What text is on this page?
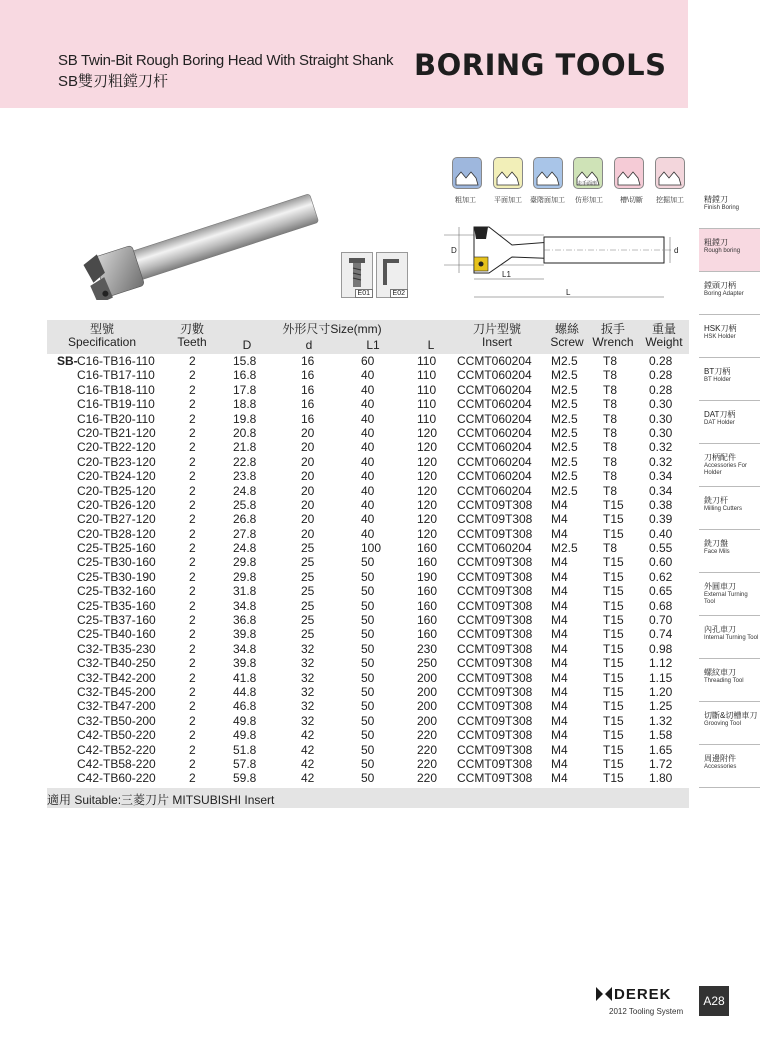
SB Twin-Bit Rough Boring Head With Straight Shank
SB雙刃粗鏜刀杆	BORING TOOLS
粗加工	平面加工 臺階面加工
走手面形
仿形加工 槽\切斷 挖掘加工
E01	E02
D	d
L1
L
精鏜刀
Finish Boring
粗鏜刀
Rough boring
鏜頭刀柄
Boring Adapter
HSK刀柄
HSK Holder
BT刀柄
BT Holder
DAT刀柄
DAT Holder
刀柄配件
Accessories For Holder
銑刀杆
Milling Cutters
銑刀盤
Face Mils
外圓車刀
External Turning Tool
內孔車刀
Internal Turning Tool
螺紋車刀
Threading Tool
切斷&切槽車刀
Grooving Tool
周邊附件
Accessories
型號
Specification
刃數
Teeth
外形尺寸Size(mm)
D	d	L1	L
刀片型號
Insert
螺絲
Screw
扳手
Wrench
重量
Weight
SB- C16-TB16-110	2	15.8	16	60	110 CCMT060204 M2.5 T8	0.28
C16-TB17-110	2	16.8	16	40	110 CCMT060204 M2.5 T8	0.28
C16-TB18-110	2	17.8	16	40	110 CCMT060204 M2.5 T8	0.28
C16-TB19-110	2	18.8	16	40	110 CCMT060204 M2.5 T8	0.30
C16-TB20-110	2	19.8	16	40	110 CCMT060204 M2.5 T8	0.30
C20-TB21-120	2	20.8	20	40	120 CCMT060204 M2.5 T8	0.30
C20-TB22-120	2	21.8	20	40	120 CCMT060204 M2.5 T8	0.32
C20-TB23-120	2	22.8	20	40	120 CCMT060204 M2.5 T8	0.32
C20-TB24-120	2	23.8	20	40	120 CCMT060204 M2.5 T8	0.34
C20-TB25-120	2	24.8	20	40	120 CCMT060204 M2.5 T8	0.34
C20-TB26-120	2	25.8	20	40	120 CCMT09T308 M4	T15 0.38
C20-TB27-120	2	26.8	20	40	120 CCMT09T308 M4	T15 0.39
C20-TB28-120	2	27.8	20	40	120 CCMT09T308 M4	T15 0.40
C25-TB25-160	2	24.8	25	100	160 CCMT060204 M2.5 T8	0.55
C25-TB30-160	2	29.8	25	50	160 CCMT09T308 M4	T15 0.60
C25-TB30-190	2	29.8	25	50	190 CCMT09T308 M4	T15 0.62
C25-TB32-160	2	31.8	25	50	160 CCMT09T308 M4	T15 0.65
C25-TB35-160	2	34.8	25	50	160 CCMT09T308 M4	T15 0.68
C25-TB37-160	2	36.8	25	50	160 CCMT09T308 M4	T15 0.70
C25-TB40-160	2	39.8	25	50	160 CCMT09T308 M4	T15 0.74
C32-TB35-230	2	34.8	32	50	230 CCMT09T308 M4	T15 0.98
C32-TB40-250	2	39.8	32	50	250 CCMT09T308 M4	T15 1.12
C32-TB42-200	2	41.8	32	50	200 CCMT09T308 M4	T15 1.15
C32-TB45-200	2	44.8	32	50	200 CCMT09T308 M4	T15 1.20
C32-TB47-200	2	46.8	32	50	200 CCMT09T308 M4	T15 1.25
C32-TB50-200	2	49.8	32	50	200 CCMT09T308 M4	T15 1.32
C42-TB50-220	2	49.8	42	50	220 CCMT09T308 M4	T15 1.58
C42-TB52-220	2	51.8	42	50	220 CCMT09T308 M4	T15 1.65
C42-TB58-220	2	57.8	42	50	220 CCMT09T308 M4	T15 1.72
C42-TB60-220	2	59.8	42	50	220 CCMT09T308 M4	T15 1.80
適用 Suitable:三菱刀片 MITSUBISHI Insert
DEREK
2012 Tooling System
A28
